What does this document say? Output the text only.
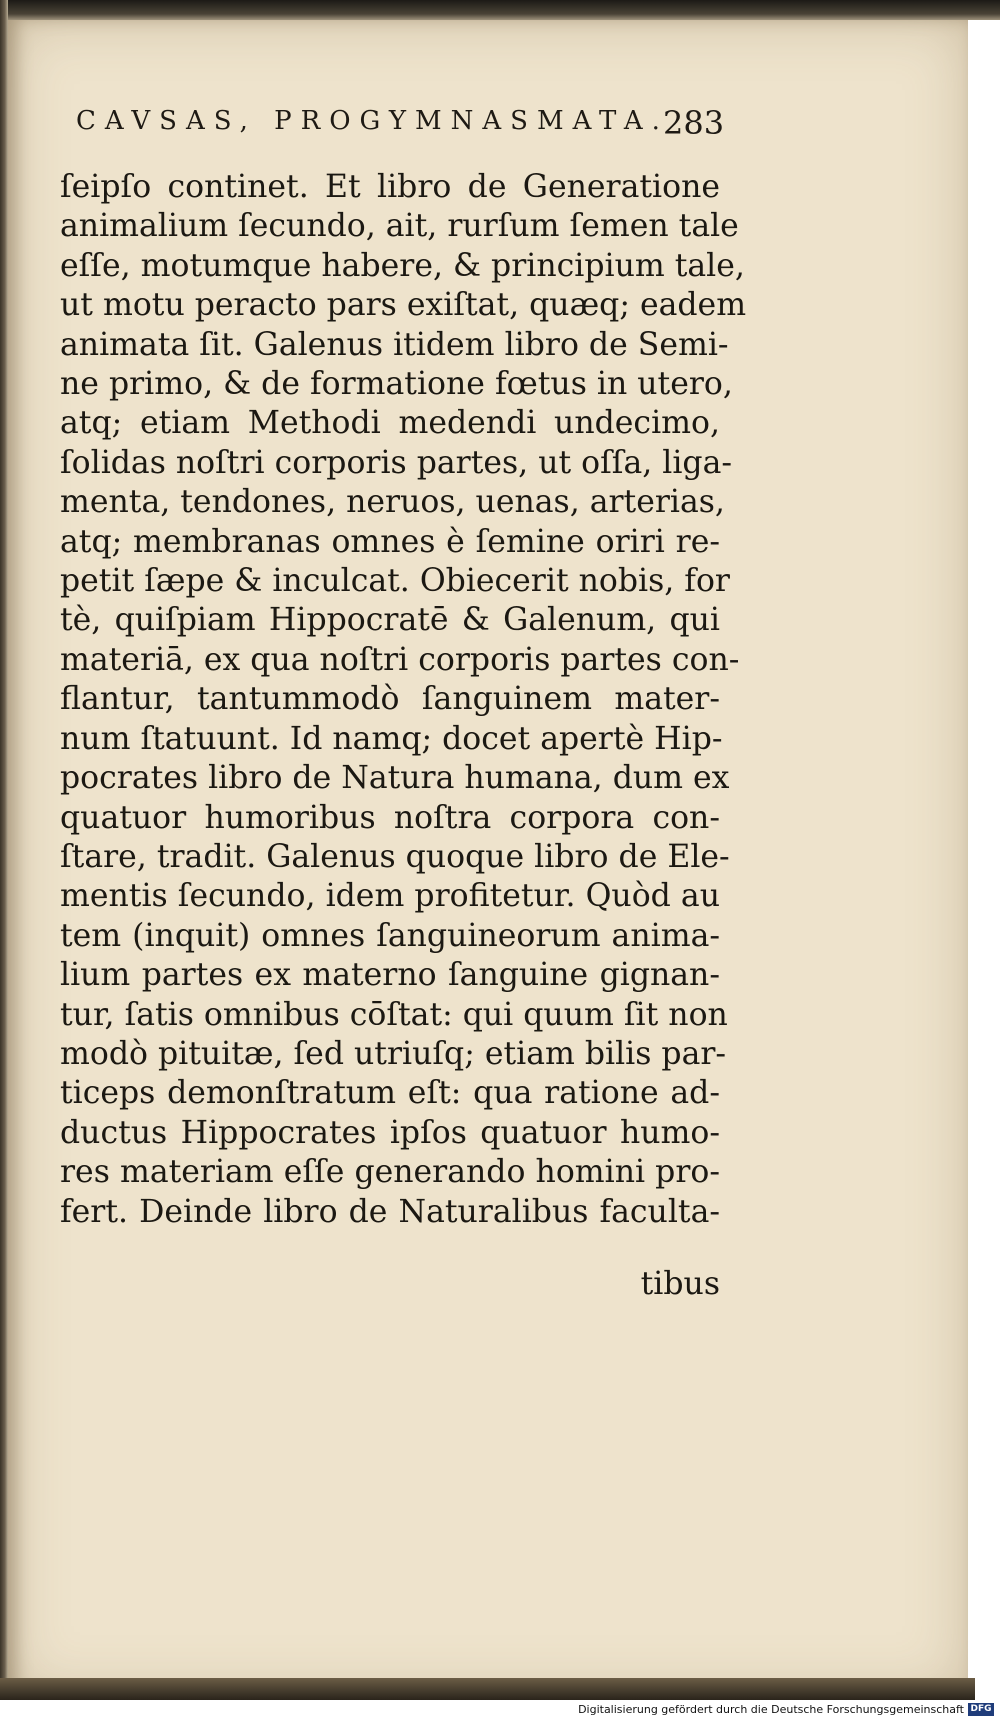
CAVSAS, PROGYMNASMATA.
283
ſeipſo continet. Et libro de Generatione
animalium ſecundo, ait, rurſum ſemen tale
eſſe, motumque habere, & principium tale,
ut motu peracto pars exiſtat, quæq; eadem
animata ſit. Galenus itidem libro de Semi-
ne primo, & de formatione fœtus in utero,
atq; etiam Methodi medendi undecimo,
ſolidas noſtri corporis partes, ut oſſa, liga-
menta, tendones, neruos, uenas, arterias,
atq; membranas omnes è ſemine oriri re-
petit ſæpe & inculcat. Obiecerit nobis, for
tè, quiſpiam Hippocratē & Galenum, qui
materiā, ex qua noſtri corporis partes con-
flantur, tantummodò ſanguinem mater-
num ſtatuunt. Id namq; docet apertè Hip-
pocrates libro de Natura humana, dum ex
quatuor humoribus noſtra corpora con-
ſtare, tradit. Galenus quoque libro de Ele-
mentis ſecundo, idem profitetur. Quòd au
tem (inquit) omnes ſanguineorum anima-
lium partes ex materno ſanguine gignan-
tur, ſatis omnibus cōſtat: qui quum ſit non
modò pituitæ, ſed utriuſq; etiam bilis par-
ticeps demonſtratum eſt: qua ratione ad-
ductus Hippocrates ipſos quatuor humo-
res materiam eſſe generando homini pro-
fert. Deinde libro de Naturalibus faculta-
tibus
Digitalisierung gefördert durch die Deutsche Forschungsgemeinschaft DFG
